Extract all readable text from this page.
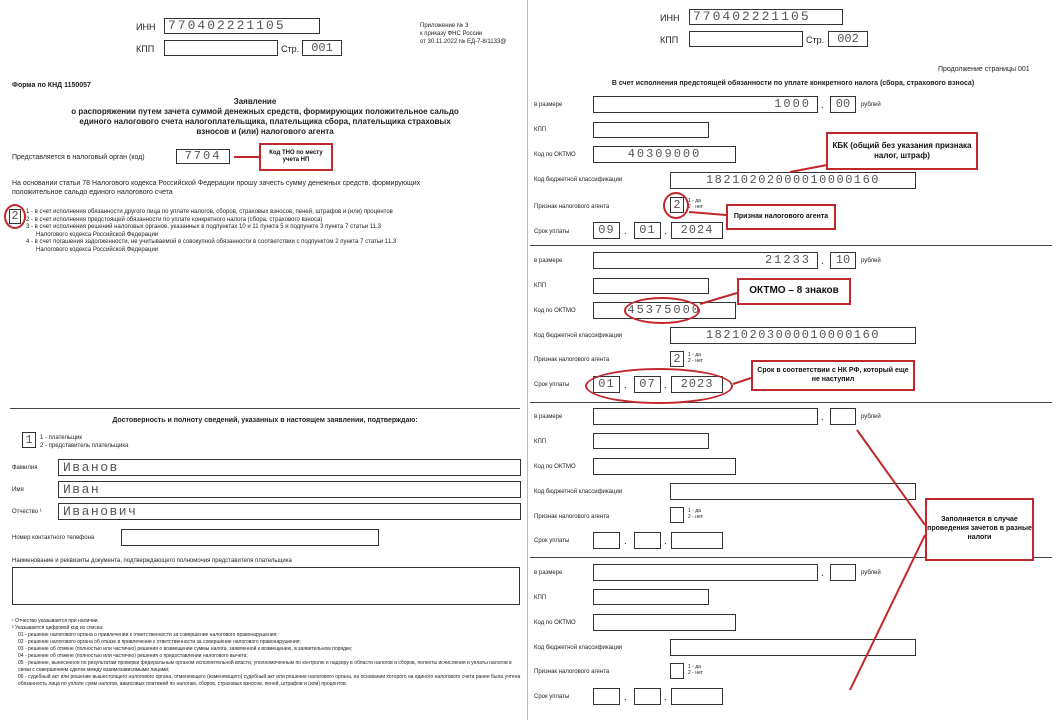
ИНН 770402221105
КПП	Стр.	001
Приложение № 3
к приказу ФНС России
от 30.11.2022 № ЕД-7-8/1133@
Форма по КНД 1150057
Заявление
о распоряжении путем зачета суммой денежных средств, формирующих положительное сальдо
единого налогового счета налогоплательщика, плательщика сбора, плательщика страховых
взносов и (или) налогового агента
Представляется в налоговый орган (код)	7704	Код ТНО по месту учета НП
На основании статьи 78 Налогового кодекса Российской Федерации прошу зачесть сумму денежных средств, формирующих положительное сальдо единого налогового счета
2	1 - в счет исполнения обязанности другого лица по уплате налогов, сборов, страховых взносов, пеней, штрафов и (или) процентов
2 - в счет исполнения предстоящей обязанности по уплате конкретного налога (сбора, страхового взноса)
3 - в счет исполнения решений налоговых органов, указанных в подпунктах 10 и 11 пункта 5 и подпункте 3 пункта 7 статьи 11.3
Налогового кодекса Российской Федерации
4 - в счет погашения задолженности, не учитываемой в совокупной обязанности в соответствии с подпунктом 2 пункта 7 статьи 11.3
Налогового кодекса Российской Федерации
Достоверность и полноту сведений, указанных в настоящем заявлении, подтверждаю:
1	1 - плательщик
2 - представитель плательщика
Фамилия	Иванов
Имя	Иван
Отчество ¹	Иванович
Номер контактного телефона
Наименование и реквизиты документа, подтверждающего полномочия представителя плательщика
¹ Отчество указывается при наличии.
² Указывается цифровой код из списка:
01 - решение налогового органа о привлечении к ответственности за совершение налогового правонарушения;
02 - решение налогового органа об отказе в привлечении к ответственности за совершение налогового правонарушения;
03 - решение об отмене (полностью или частично) решения о возмещении суммы налога, заявленной к возмещению, в заявительном порядке;
04 - решение об отмене (полностью или частично) решения о предоставлении налогового вычета;
05 - решение, вынесенное по результатам проверки федеральным органом исполнительной власти, уполномоченным по контролю и надзору в области налогов и сборов, полноты исчисления и уплаты налогов в связи с совершением сделок между взаимозависимыми лицами;
06 - судебный акт или решение вышестоящего налогового органа, отменяющего (изменяющего) судебный акт или решение налогового органа, на основании которого на единого налогового счета ранее была учтена обязанность лица по уплате сумм налогов, авансовых платежей по налогам, сборов, страховых взносов, пеней, штрафов и (или) процентов.
ИНН	770402221105
КПП	Стр.	002
Продолжение страницы 001
В счет исполнения предстоящей обязанности по уплате конкретного налога (сбора, страхового взноса)
в размере	1000	.	00	рублей
КПП
Код по ОКТМО	40309000
Код бюджетной классификации	18210202000010000160
Признак налогового агента	2	1 - да
2 - нет
Срок уплаты	09 .	01 .	2024
в размере	21233	.	10	рублей
КПП
Код по ОКТМО	45375000
Код бюджетной классификации	18210203000010000160
Признак налогового агента	2	1 - да
2 - нет
Срок уплаты	01 .	07 .	2023
в размере	.	рублей
КПП
Код по ОКТМО
Код бюджетной классификации
Признак налогового агента
1 - да
2 - нет
Срок уплаты	.	.
в размере	.	рублей
КПП
Код по ОКТМО
Код бюджетной классификации
Признак налогового агента
1 - да
2 - нет
Срок уплаты	.	.
КБК (общий без указания признака налог, штраф)
Признак налогового агента
ОКТМО – 8 знаков
Срок в соответствии с НК РФ, который еще не наступил
Заполняется в случае проведения зачетов в разные налоги
